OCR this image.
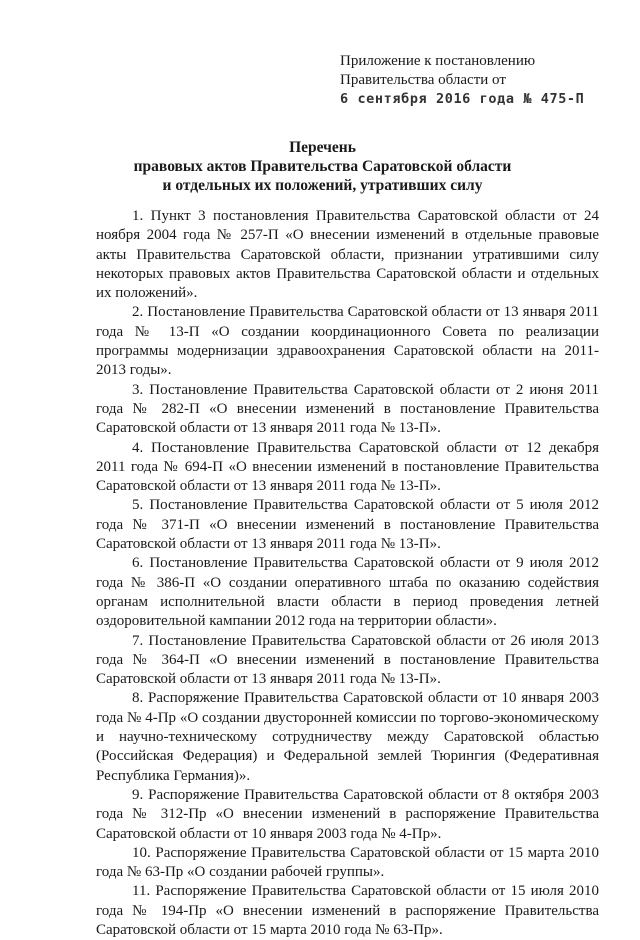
Приложение к постановлению
Правительства области от
6 сентября 2016 года № 475-П
Перечень
правовых актов Правительства Саратовской области
и отдельных их положений, утративших силу

1. Пункт 3 постановления Правительства Саратовской области от 24 ноября 2004 года № 257-П «О внесении изменений в отдельные правовые акты Правительства Саратовской области, признании утратившими силу некоторых правовых актов Правительства Саратовской области и отдельных их положений».

2. Постановление Правительства Саратовской области от 13 января 2011 года № 13-П «О создании координационного Совета по реализации программы модернизации здравоохранения Саратовской области на 2011-2013 годы».

3. Постановление Правительства Саратовской области от 2 июня 2011 года № 282-П «О внесении изменений в постановление Правительства Саратовской области от 13 января 2011 года № 13-П».

4. Постановление Правительства Саратовской области от 12 декабря 2011 года № 694-П «О внесении изменений в постановление Правительства Саратовской области от 13 января 2011 года № 13-П».

5. Постановление Правительства Саратовской области от 5 июля 2012 года № 371-П «О внесении изменений в постановление Правительства Саратовской области от 13 января 2011 года № 13-П».

6. Постановление Правительства Саратовской области от 9 июля 2012 года № 386-П «О создании оперативного штаба по оказанию содействия органам исполнительной власти области в период проведения летней оздоровительной кампании 2012 года на территории области».

7. Постановление Правительства Саратовской области от 26 июля 2013 года № 364-П «О внесении изменений в постановление Правительства Саратовской области от 13 января 2011 года № 13-П».

8. Распоряжение Правительства Саратовской области от 10 января 2003 года № 4-Пр «О создании двусторонней комиссии по торгово-экономическому и научно-техническому сотрудничеству между Саратовской областью (Российская Федерация) и Федеральной землей Тюрингия (Федеративная Республика Германия)».

9. Распоряжение Правительства Саратовской области от 8 октября 2003 года № 312-Пр «О внесении изменений в распоряжение Правительства Саратовской области от 10 января 2003 года № 4-Пр».

10. Распоряжение Правительства Саратовской области от 15 марта 2010 года № 63-Пр «О создании рабочей группы».

11. Распоряжение Правительства Саратовской области от 15 июля 2010 года № 194-Пр «О внесении изменений в распоряжение Правительства Саратовской области от 15 марта 2010 года № 63-Пр».
